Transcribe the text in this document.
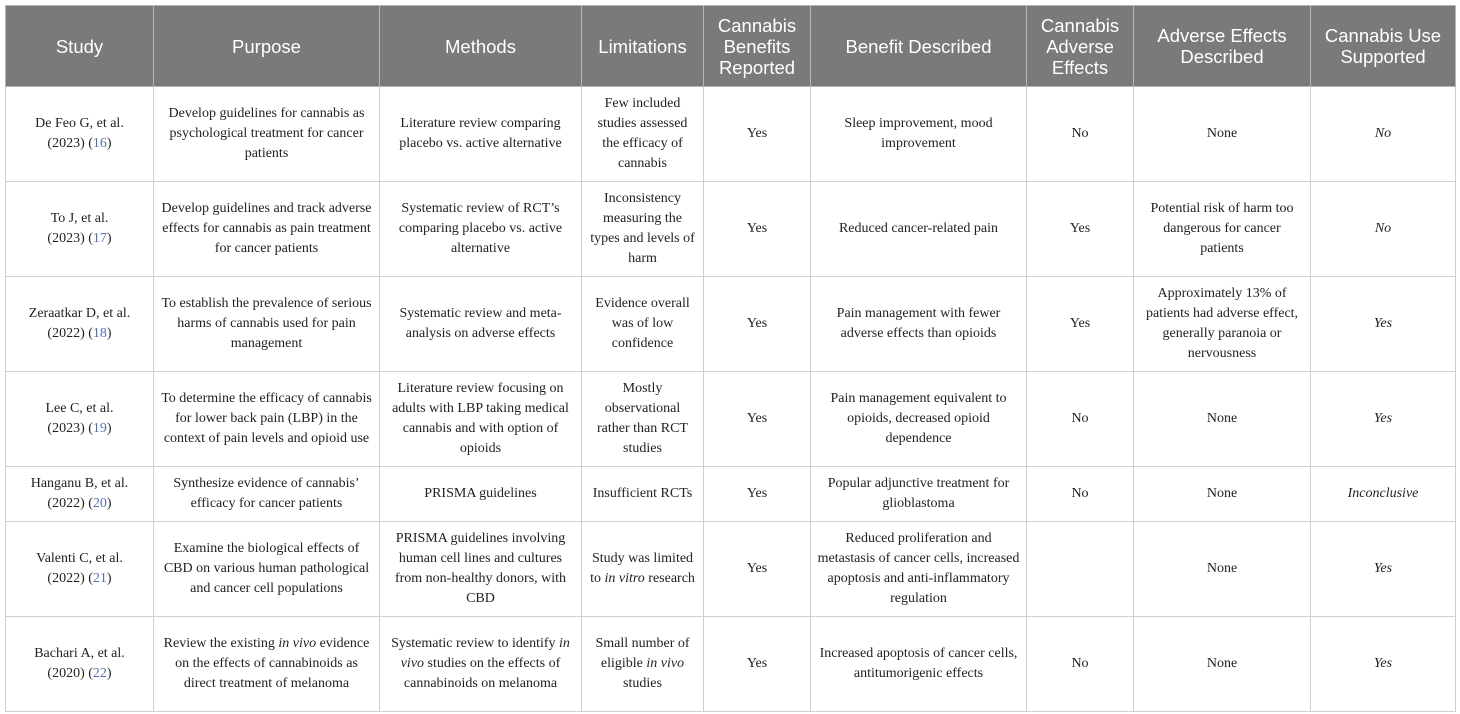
Study	Purpose	Methods	Limitations	Cannabis Benefits Reported	Benefit Described	Cannabis Adverse Effects	Adverse Effects Described	Cannabis Use Supported
De Feo G, et al.
(2023) (16)	Develop guidelines for cannabis as psychological treatment for cancer patients	Literature review comparing placebo vs. active alternative	Few included studies assessed the efficacy of cannabis	Yes	Sleep improvement, mood improvement	No	None	No
To J, et al.
(2023) (17)	Develop guidelines and track adverse effects for cannabis as pain treatment for cancer patients	Systematic review of RCT’s comparing placebo vs. active alternative	Inconsistency measuring the types and levels of harm	Yes	Reduced cancer-related pain	Yes	Potential risk of harm too dangerous for cancer patients	No
Zeraatkar D, et al.
(2022) (18)	To establish the prevalence of serious harms of cannabis used for pain management	Systematic review and meta-analysis on adverse effects	Evidence overall was of low confidence	Yes	Pain management with fewer adverse effects than opioids	Yes	Approximately 13% of patients had adverse effect, generally paranoia or nervousness	Yes
Lee C, et al.
(2023) (19)	To determine the efficacy of cannabis for lower back pain (LBP) in the context of pain levels and opioid use	Literature review focusing on adults with LBP taking medical cannabis and with option of opioids	Mostly observational rather than RCT studies	Yes	Pain management equivalent to opioids, decreased opioid dependence	No	None	Yes
Hanganu B, et al.
(2022) (20)	Synthesize evidence of cannabis’ efficacy for cancer patients	PRISMA guidelines	Insufficient RCTs	Yes	Popular adjunctive treatment for glioblastoma	No	None	Inconclusive
Valenti C, et al.
(2022) (21)	Examine the biological effects of CBD on various human pathological and cancer cell populations	PRISMA guidelines involving human cell lines and cultures from non-healthy donors, with CBD	Study was limited to in vitro research	Yes	Reduced proliferation and metastasis of cancer cells, increased apoptosis and anti-inflammatory regulation		None	Yes
Bachari A, et al.
(2020) (22)	Review the existing in vivo evidence on the effects of cannabinoids as direct treatment of melanoma	Systematic review to identify in vivo studies on the effects of cannabinoids on melanoma	Small number of eligible in vivo studies	Yes	Increased apoptosis of cancer cells, antitumorigenic effects	No	None	Yes
